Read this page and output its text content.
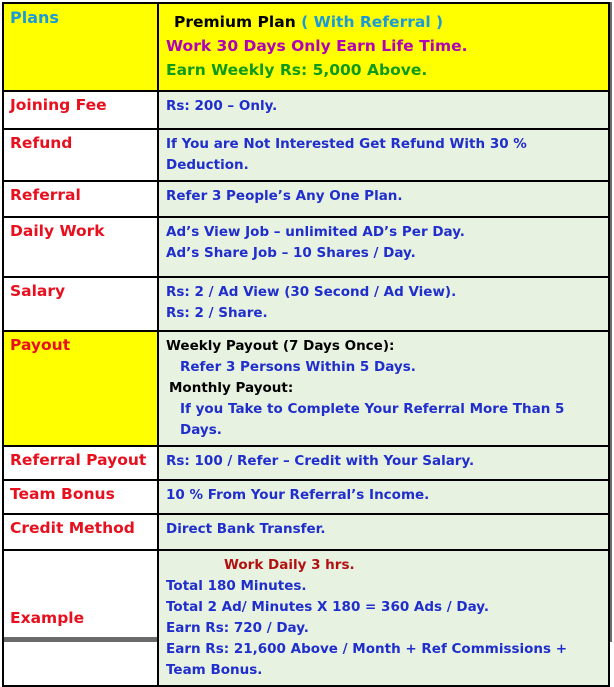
Plans	Premium Plan ( With Referral )
Work 30 Days Only Earn Life Time.
Earn Weekly Rs: 5,000 Above.

Joining Fee	Rs: 200 – Only.
Refund	If You are Not Interested Get Refund With 30 % Deduction.
Referral	Refer 3 People’s Any One Plan.
Daily Work	Ad’s View Job – unlimited AD’s Per Day.
Ad’s Share Job – 10 Shares / Day.

Salary	Rs: 2 / Ad View (30 Second / Ad View).
Rs: 2 / Share.

Payout	Weekly Payout (7 Days Once):
Refer 3 Persons Within 5 Days.
Monthly Payout:
If you Take to Complete Your Referral More Than 5 Days.

Referral Payout	Rs: 100 / Refer – Credit with Your Salary.
Team Bonus	10 % From Your Referral’s Income.
Credit Method	Direct Bank Transfer.
Example	Work Daily 3 hrs.
Total 180 Minutes.
Total 2 Ad/ Minutes X 180 = 360 Ads / Day.
Earn Rs: 720 / Day.
Earn Rs: 21,600 Above / Month + Ref Commissions + Team Bonus.
